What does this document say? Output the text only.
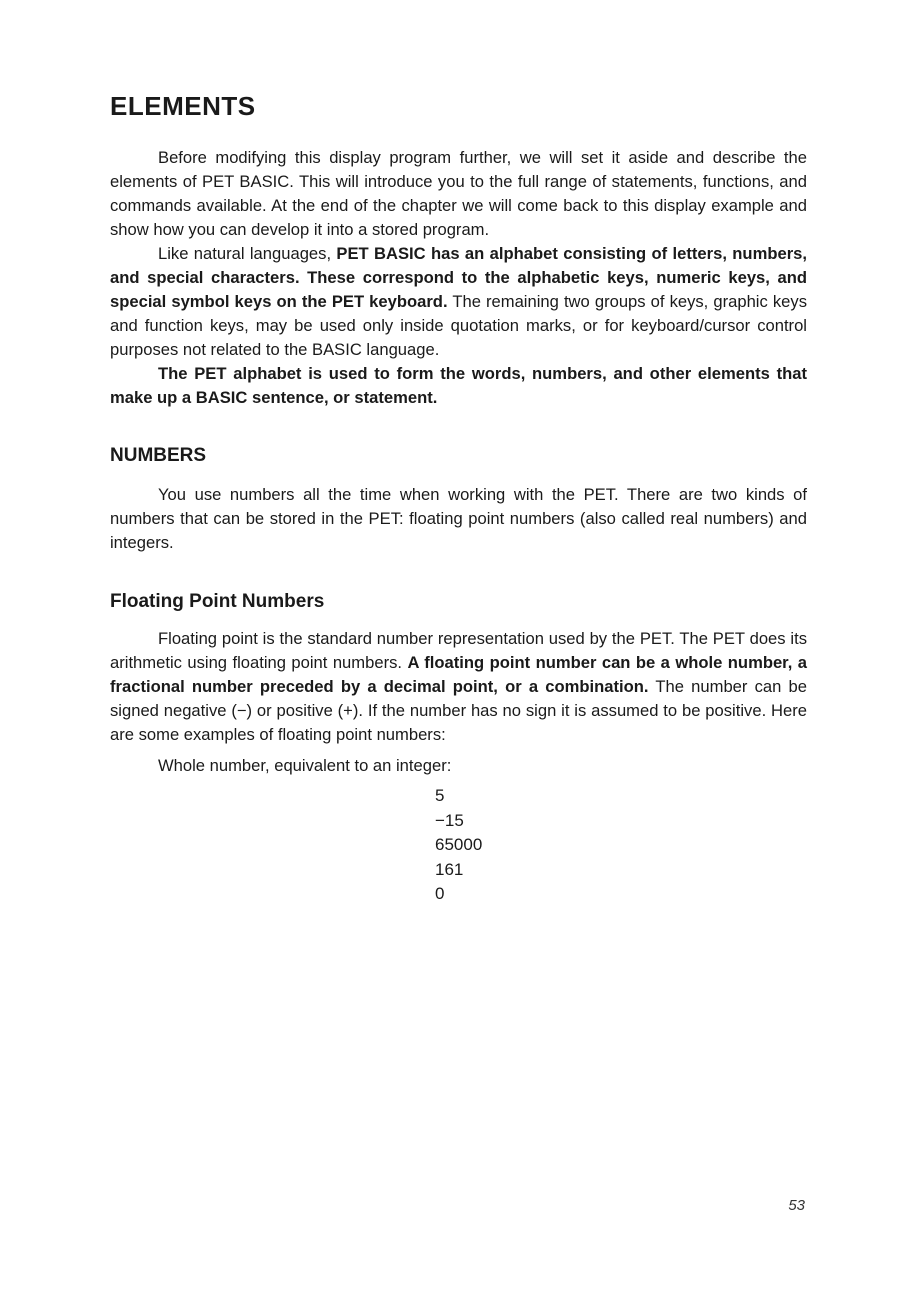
ELEMENTS

Before modifying this display program further, we will set it aside and describe the elements of PET BASIC. This will introduce you to the full range of statements, functions, and commands available. At the end of the chapter we will come back to this display example and show how you can develop it into a stored program.

Like natural languages, PET BASIC has an alphabet consisting of letters, numbers, and special characters. These correspond to the alphabetic keys, numeric keys, and special symbol keys on the PET keyboard. The remaining two groups of keys, graphic keys and function keys, may be used only inside quotation marks, or for keyboard/cursor control purposes not related to the BASIC language.

The PET alphabet is used to form the words, numbers, and other elements that make up a BASIC sentence, or statement.

NUMBERS

You use numbers all the time when working with the PET. There are two kinds of numbers that can be stored in the PET: floating point numbers (also called real numbers) and integers.

Floating Point Numbers

Floating point is the standard number representation used by the PET. The PET does its arithmetic using floating point numbers. A floating point number can be a whole number, a fractional number preceded by a decimal point, or a combination. The number can be signed negative (−) or positive (+). If the number has no sign it is assumed to be positive. Here are some examples of floating point numbers:

Whole number, equivalent to an integer:
5
−15
65000
161
0
53
